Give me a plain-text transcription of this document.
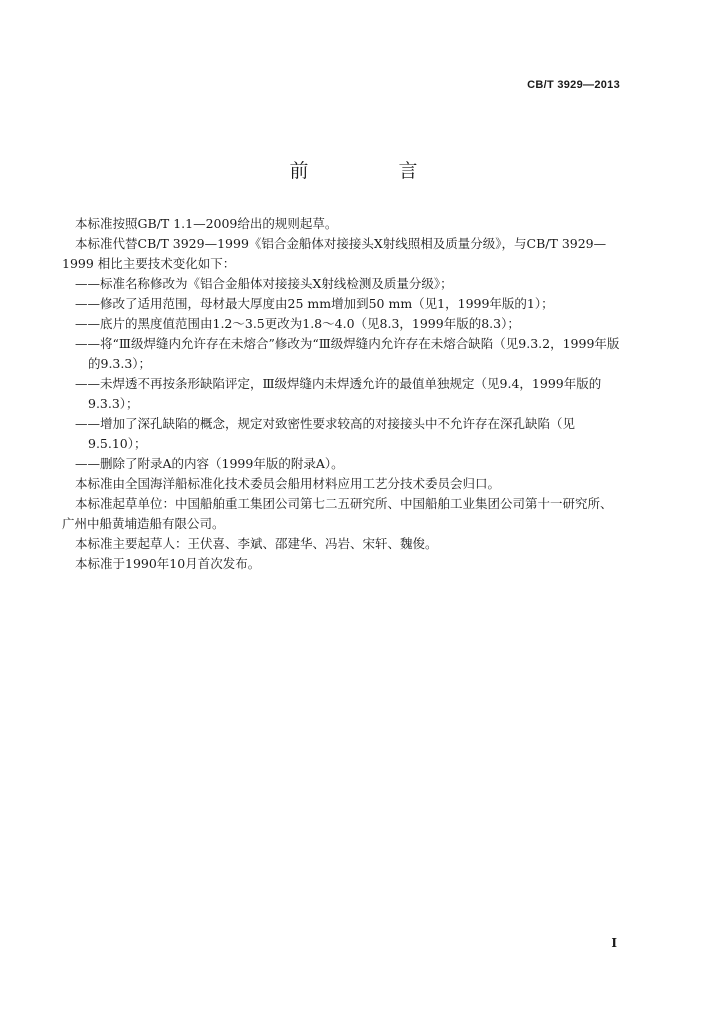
CB/T 3929—2013
前 言
本标准按照GB/T 1.1—2009给出的规则起草。
本标准代替CB/T 3929—1999《铝合金船体对接接头X射线照相及质量分级》，与CB/T 3929—1999 相比主要技术变化如下：
——标准名称修改为《铝合金船体对接接头X射线检测及质量分级》；
——修改了适用范围，母材最大厚度由25 mm增加到50 mm（见1，1999年版的1）；
——底片的黑度值范围由1.2～3.5更改为1.8～4.0（见8.3，1999年版的8.3）；
——将“Ⅲ级焊缝内允许存在未熔合”修改为“Ⅲ级焊缝内允许存在未熔合缺陷（见9.3.2，1999年版的9.3.3）；
——未焊透不再按条形缺陷评定，Ⅲ级焊缝内未焊透允许的最值单独规定（见9.4，1999年版的9.3.3）；
——增加了深孔缺陷的概念，规定对致密性要求较高的对接接头中不允许存在深孔缺陷（见9.5.10）；
——删除了附录A的内容（1999年版的附录A）。
本标准由全国海洋船标准化技术委员会船用材料应用工艺分技术委员会归口。
本标准起草单位：中国船舶重工集团公司第七二五研究所、中国船舶工业集团公司第十一研究所、广州中船黄埔造船有限公司。
本标准主要起草人：王伏喜、李斌、邵建华、冯岩、宋轩、魏俊。
本标准于1990年10月首次发布。
I
